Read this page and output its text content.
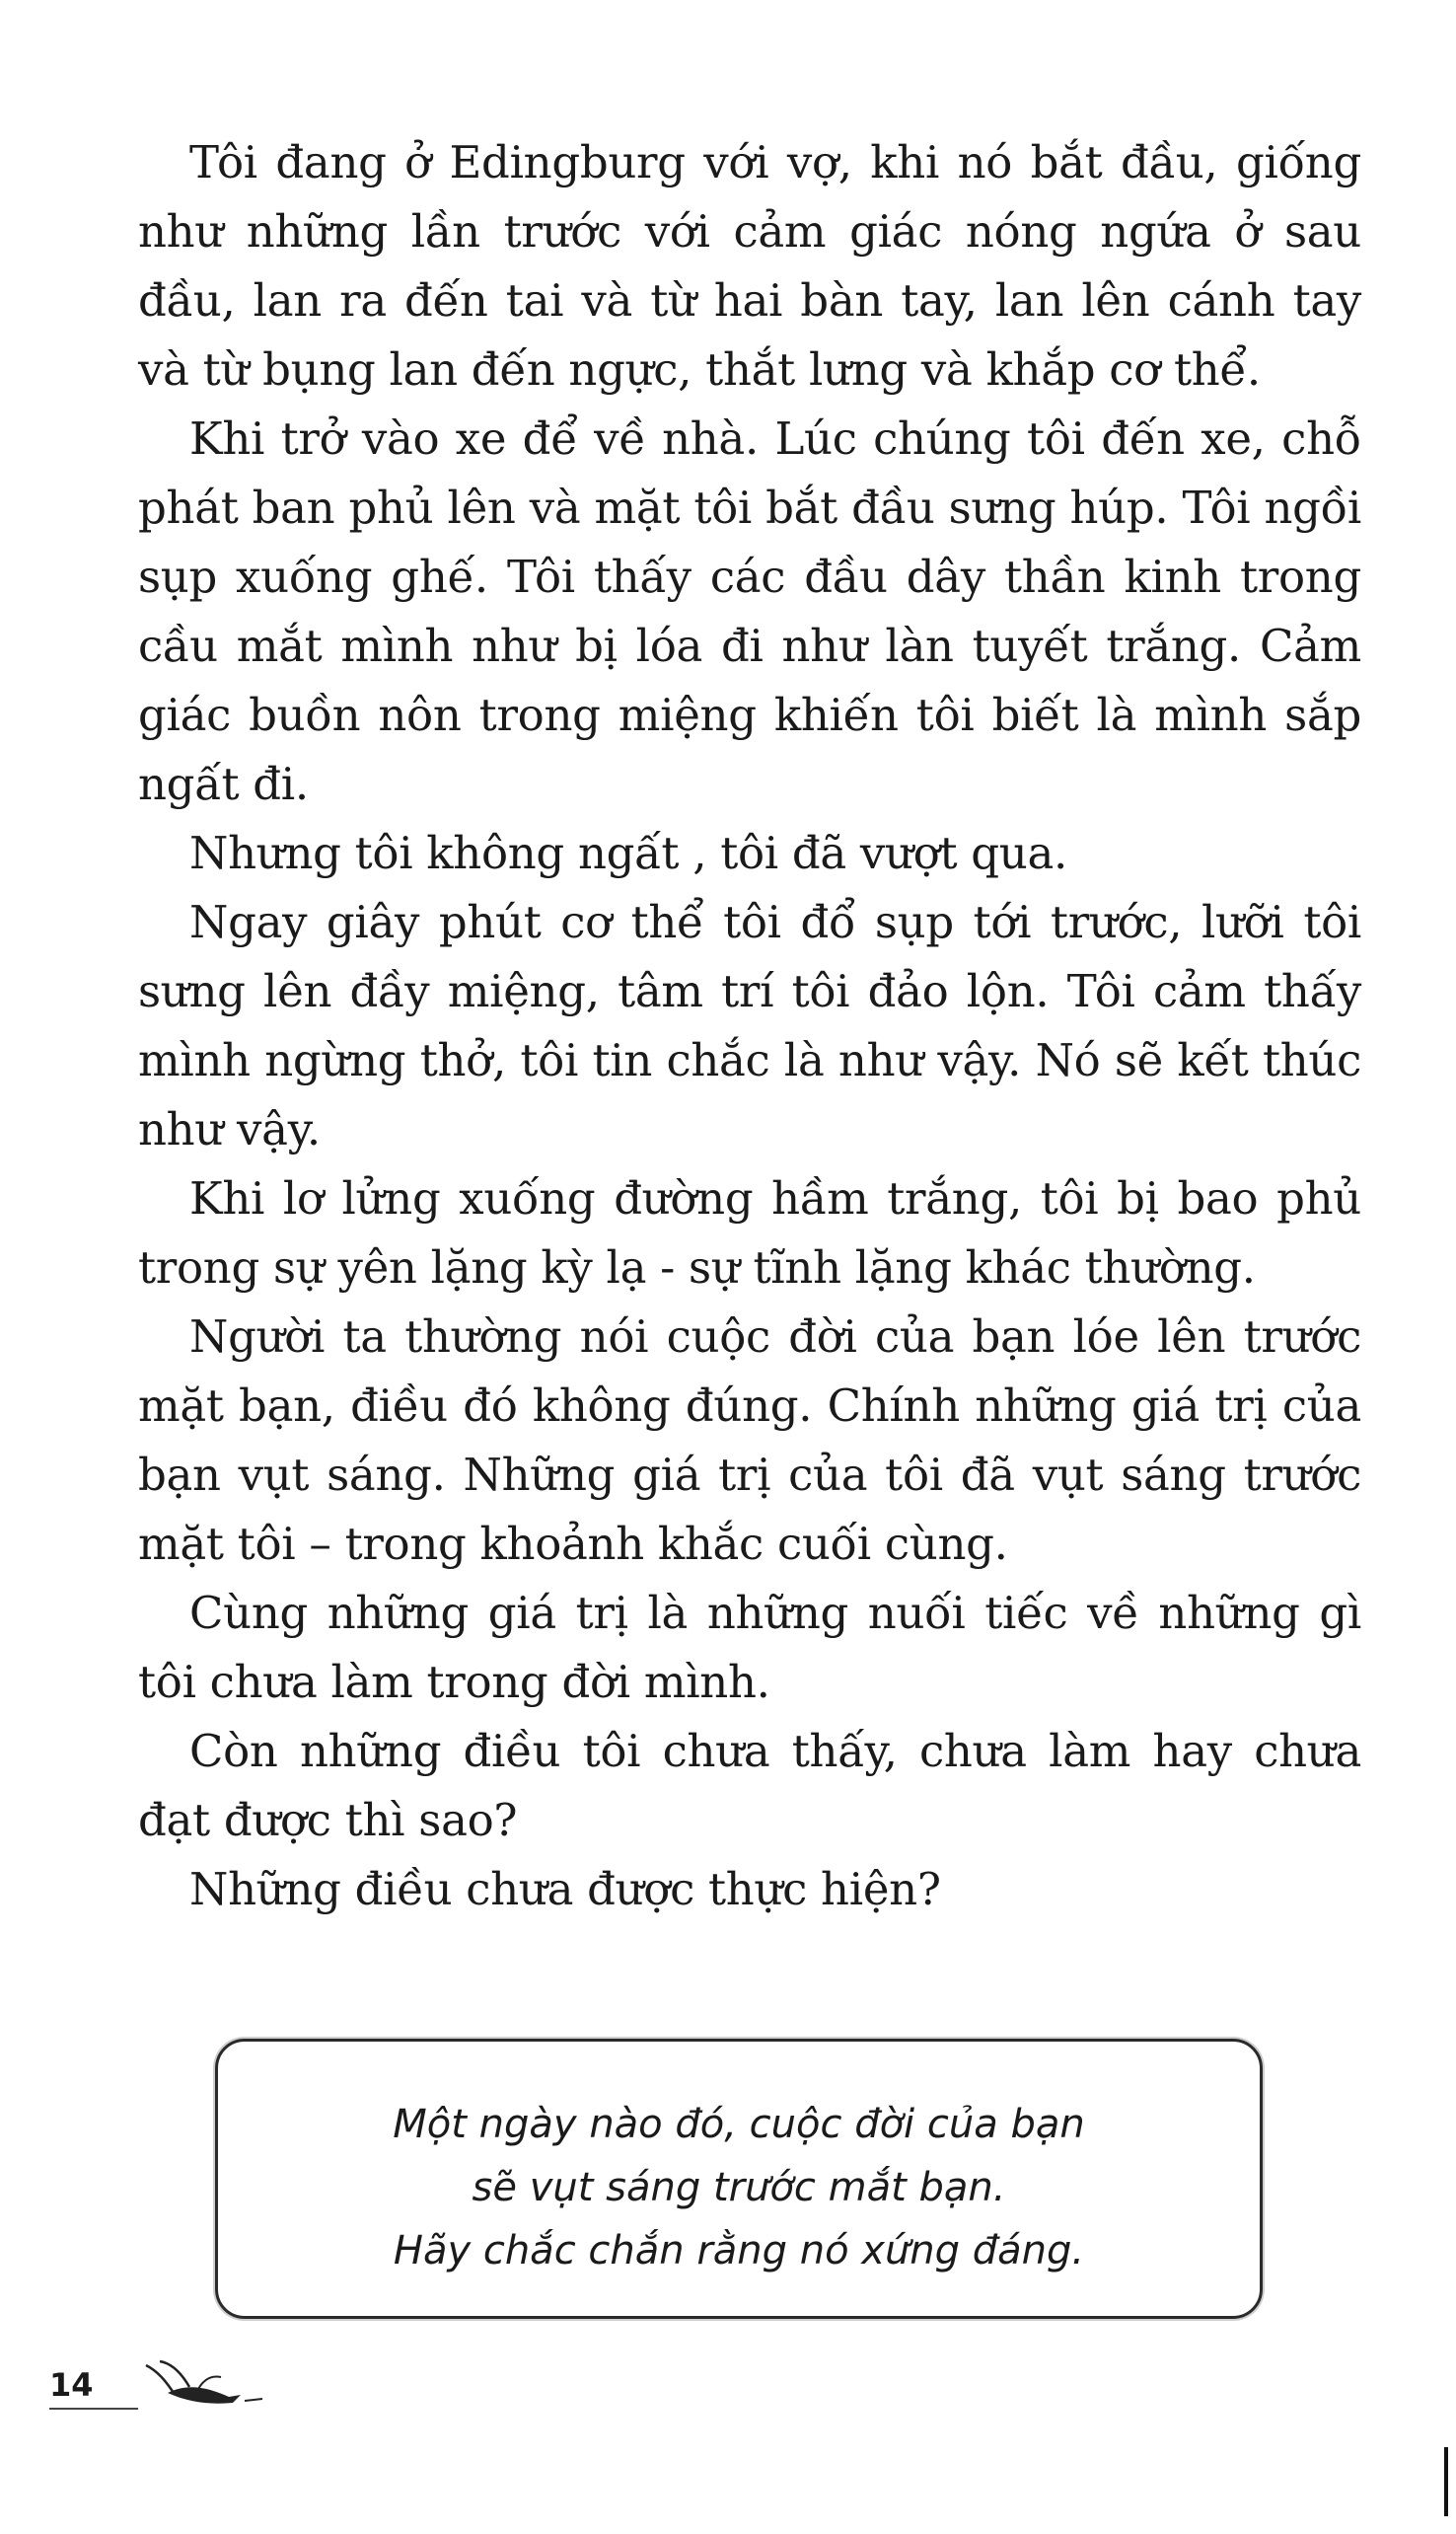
Tôi đang ở Edingburg với vợ, khi nó bắt đầu, giống như những lần trước với cảm giác nóng ngứa ở sau đầu, lan ra đến tai và từ hai bàn tay, lan lên cánh tay và từ bụng lan đến ngực, thắt lưng và khắp cơ thể.

Khi trở vào xe để về nhà. Lúc chúng tôi đến xe, chỗ phát ban phủ lên và mặt tôi bắt đầu sưng húp. Tôi ngồi sụp xuống ghế. Tôi thấy các đầu dây thần kinh trong cầu mắt mình như bị lóa đi như làn tuyết trắng. Cảm giác buồn nôn trong miệng khiến tôi biết là mình sắp ngất đi.

Nhưng tôi không ngất , tôi đã vượt qua.

Ngay giây phút cơ thể tôi đổ sụp tới trước, lưỡi tôi sưng lên đầy miệng, tâm trí tôi đảo lộn. Tôi cảm thấy mình ngừng thở, tôi tin chắc là như vậy. Nó sẽ kết thúc như vậy.

Khi lơ lửng xuống đường hầm trắng, tôi bị bao phủ trong sự yên lặng kỳ lạ - sự tĩnh lặng khác thường.

Người ta thường nói cuộc đời của bạn lóe lên trước mặt bạn, điều đó không đúng. Chính những giá trị của bạn vụt sáng. Những giá trị của tôi đã vụt sáng trước mặt tôi – trong khoảnh khắc cuối cùng.

Cùng những giá trị là những nuối tiếc về những gì tôi chưa làm trong đời mình.

Còn những điều tôi chưa thấy, chưa làm hay chưa đạt được thì sao?

Những điều chưa được thực hiện?

Một ngày nào đó, cuộc đời của bạn
sẽ vụt sáng trước mắt bạn.
Hãy chắc chắn rằng nó xứng đáng.
14
